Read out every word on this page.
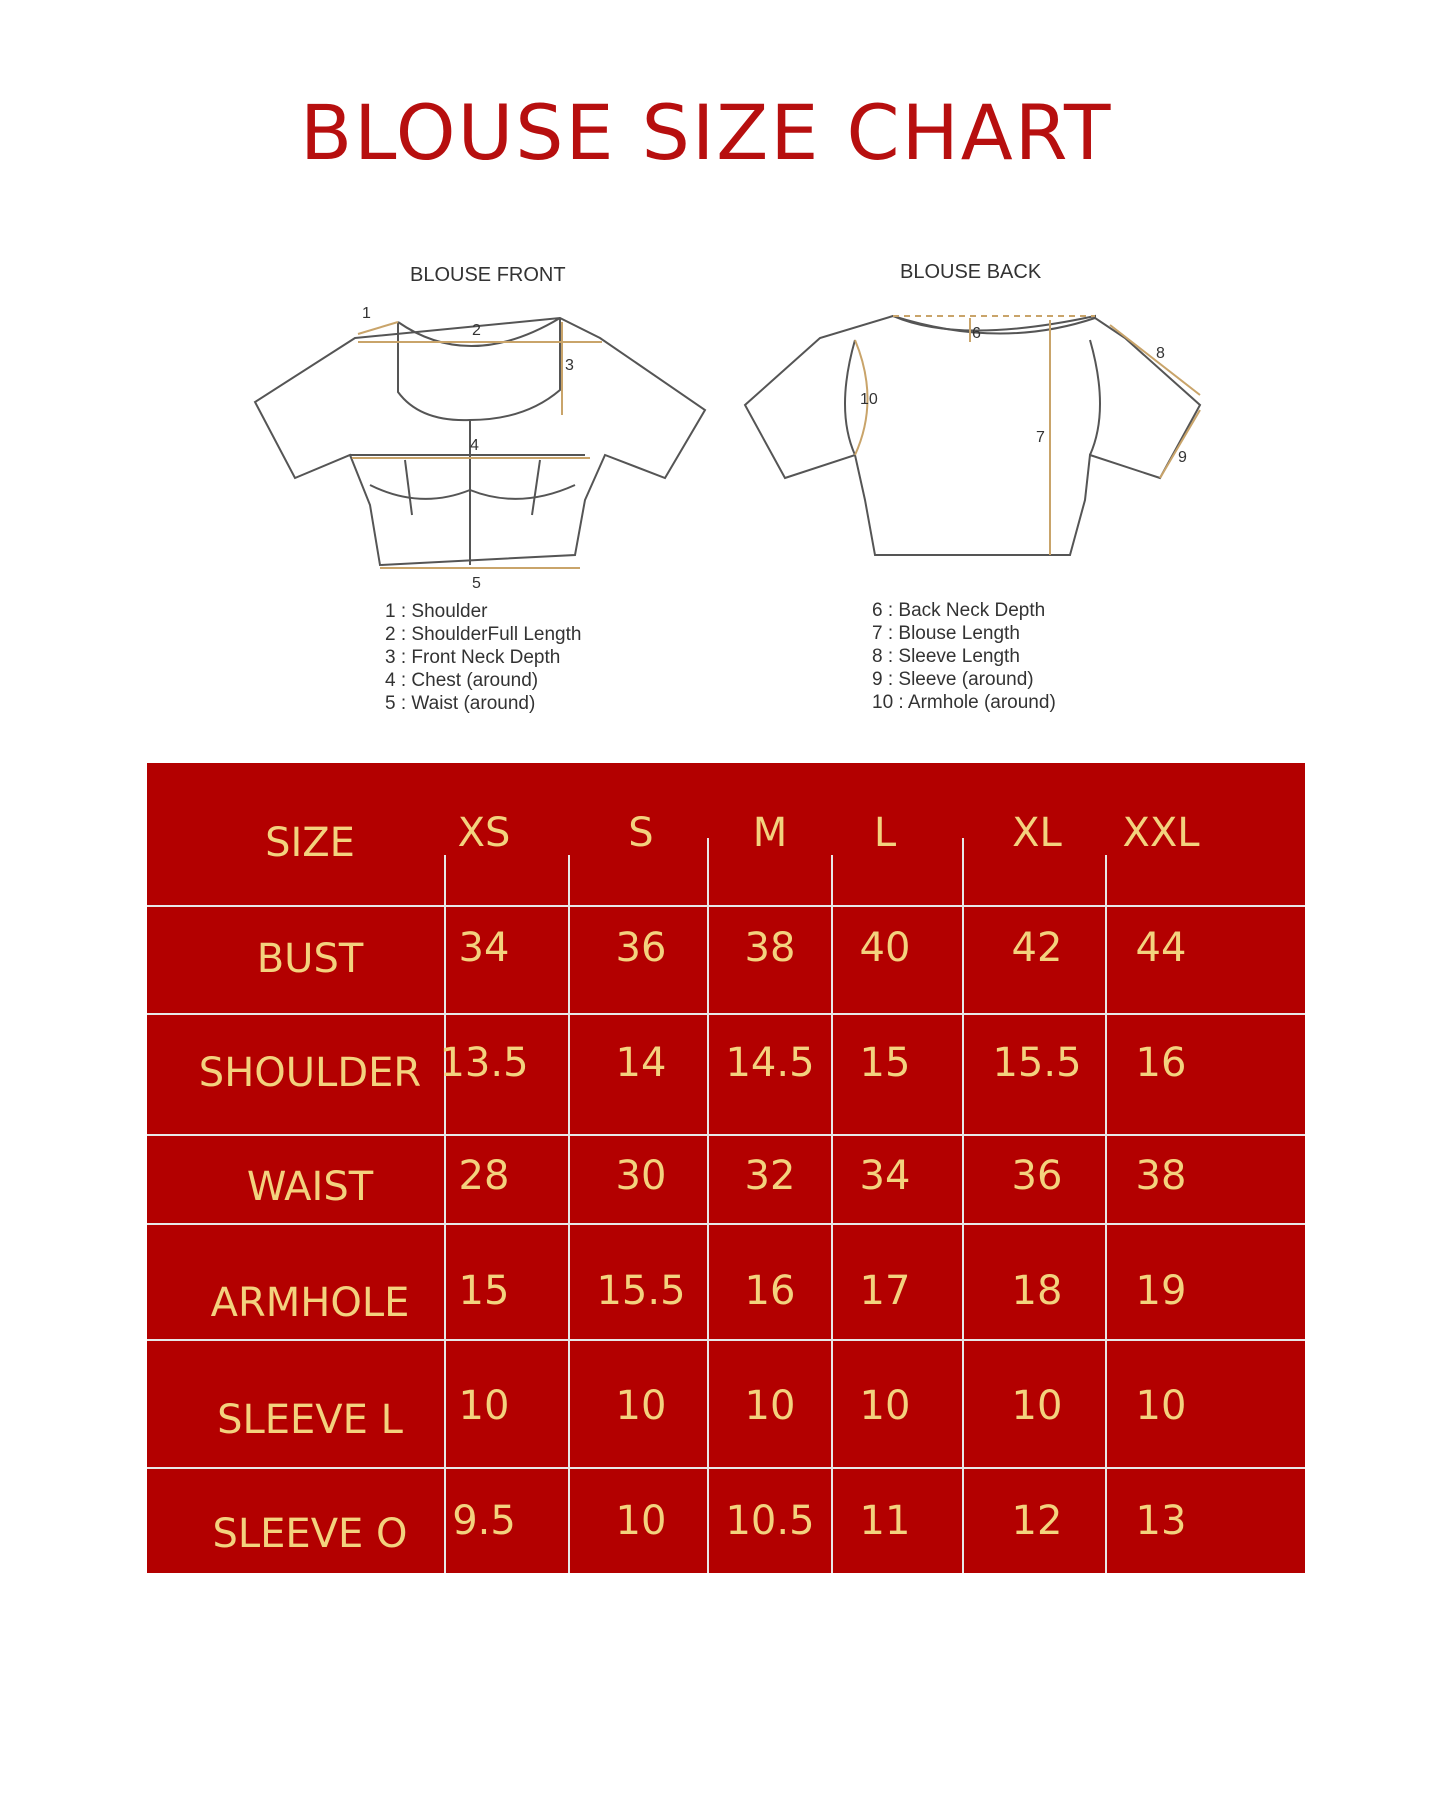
BLOUSE SIZE CHART
BLOUSE FRONT
1
2
3
4
5
BLOUSE BACK
6
7
8
9
10
1 : Shoulder
2 : ShoulderFull Length
3 : Front Neck Depth
4 : Chest (around)
5 : Waist (around)
6 : Back Neck Depth
7 : Blouse Length
8 : Sleeve Length
9 : Sleeve (around)
10 : Armhole (around)
SIZE	XS	S M L	XL XXL
BUST 34	36 38 40	42 44
SHOULDER 13.5 14 14.5 15 15.5 16
WAIST 28	30 32 34	36 38
ARMHOLE 15 15.5 16 17	18 19
SLEEVE L 10	10 10 10	10 10
SLEEVE O 9.5 10 10.5 11	12 13
